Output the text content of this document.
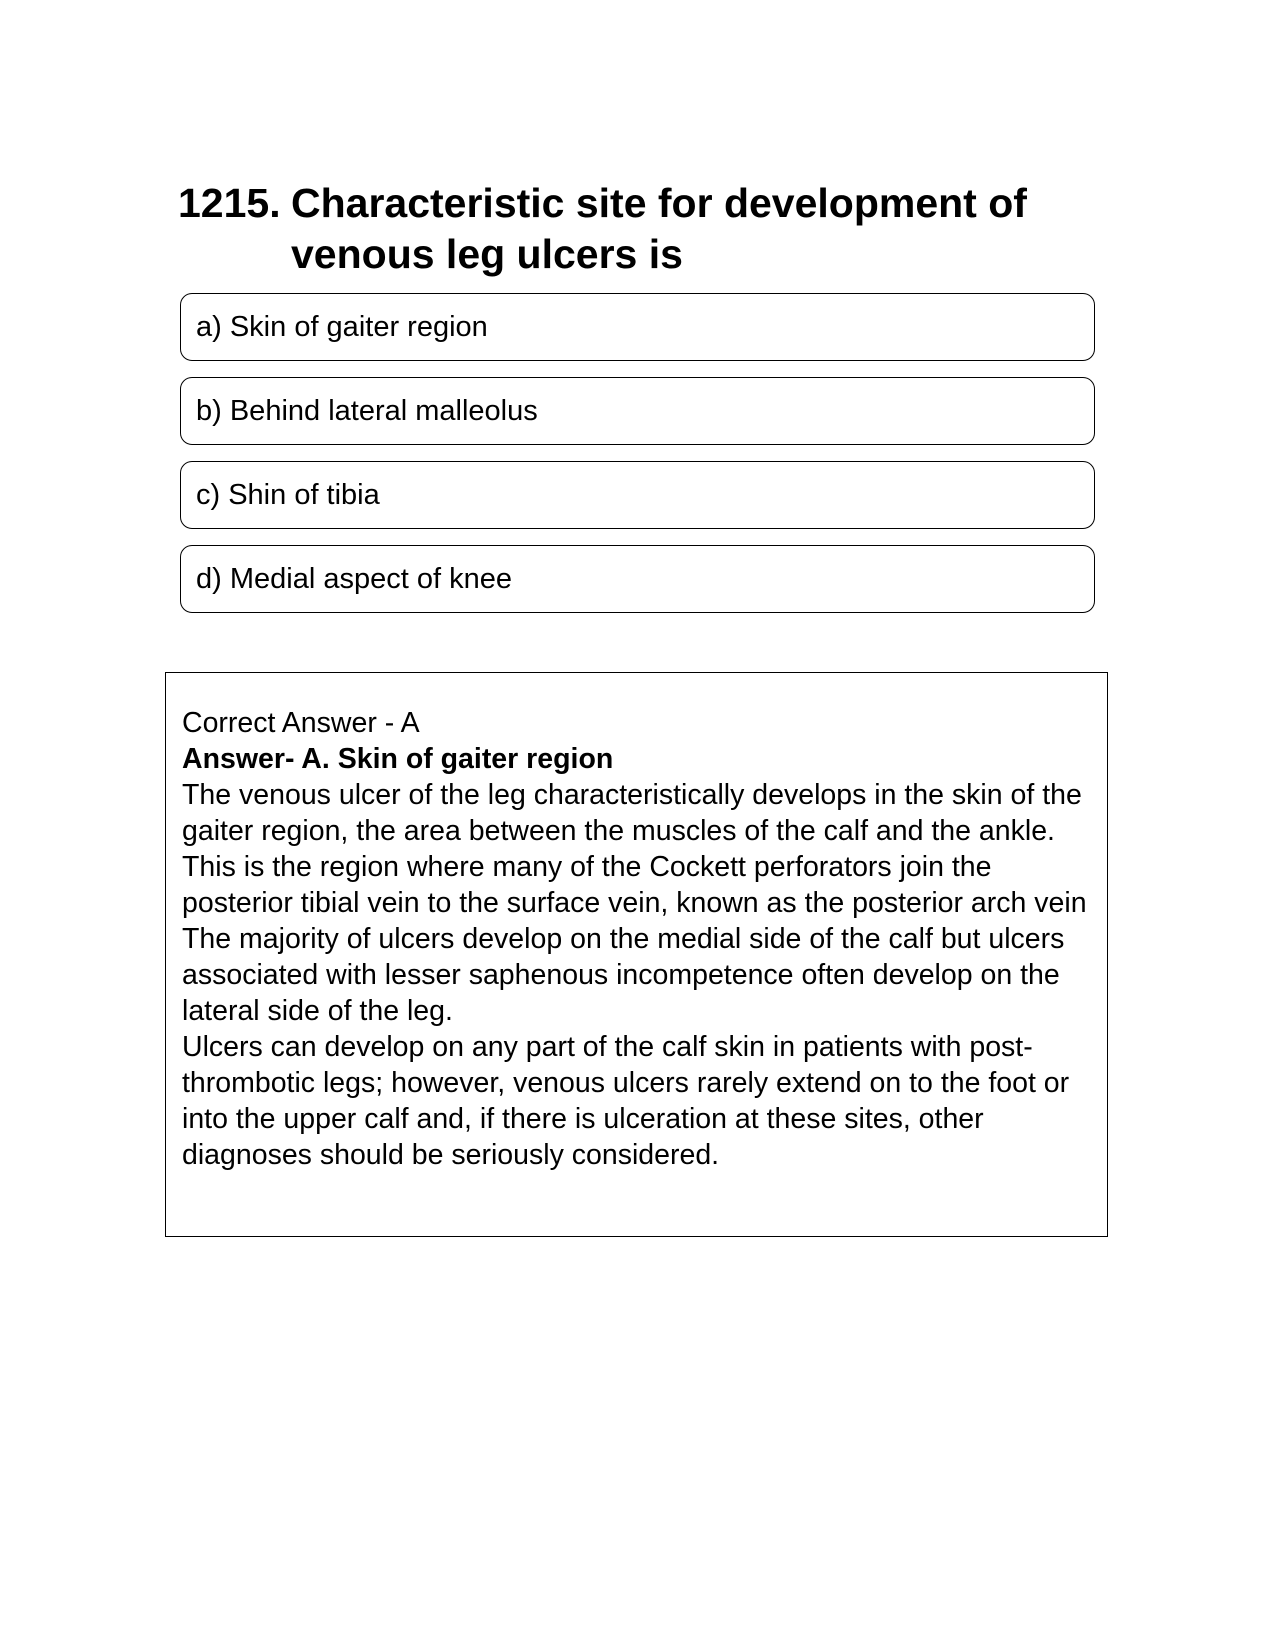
1215. Characteristic site for development of venous leg ulcers is
a) Skin of gaiter region
b) Behind lateral malleolus
c) Shin of tibia
d) Medial aspect of knee

Correct Answer - A

Answer- A. Skin of gaiter region

The venous ulcer of the leg characteristically develops in the skin of the gaiter region, the area between the muscles of the calf and the ankle. This is the region where many of the Cockett perforators join the posterior tibial vein to the surface vein, known as the posterior arch vein

The majority of ulcers develop on the medial side of the calf but ulcers associated with lesser saphenous incompetence often develop on the lateral side of the leg.

Ulcers can develop on any part of the calf skin in patients with post-thrombotic legs; however, venous ulcers rarely extend on to the foot or into the upper calf and, if there is ulceration at these sites, other diagnoses should be seriously considered.
